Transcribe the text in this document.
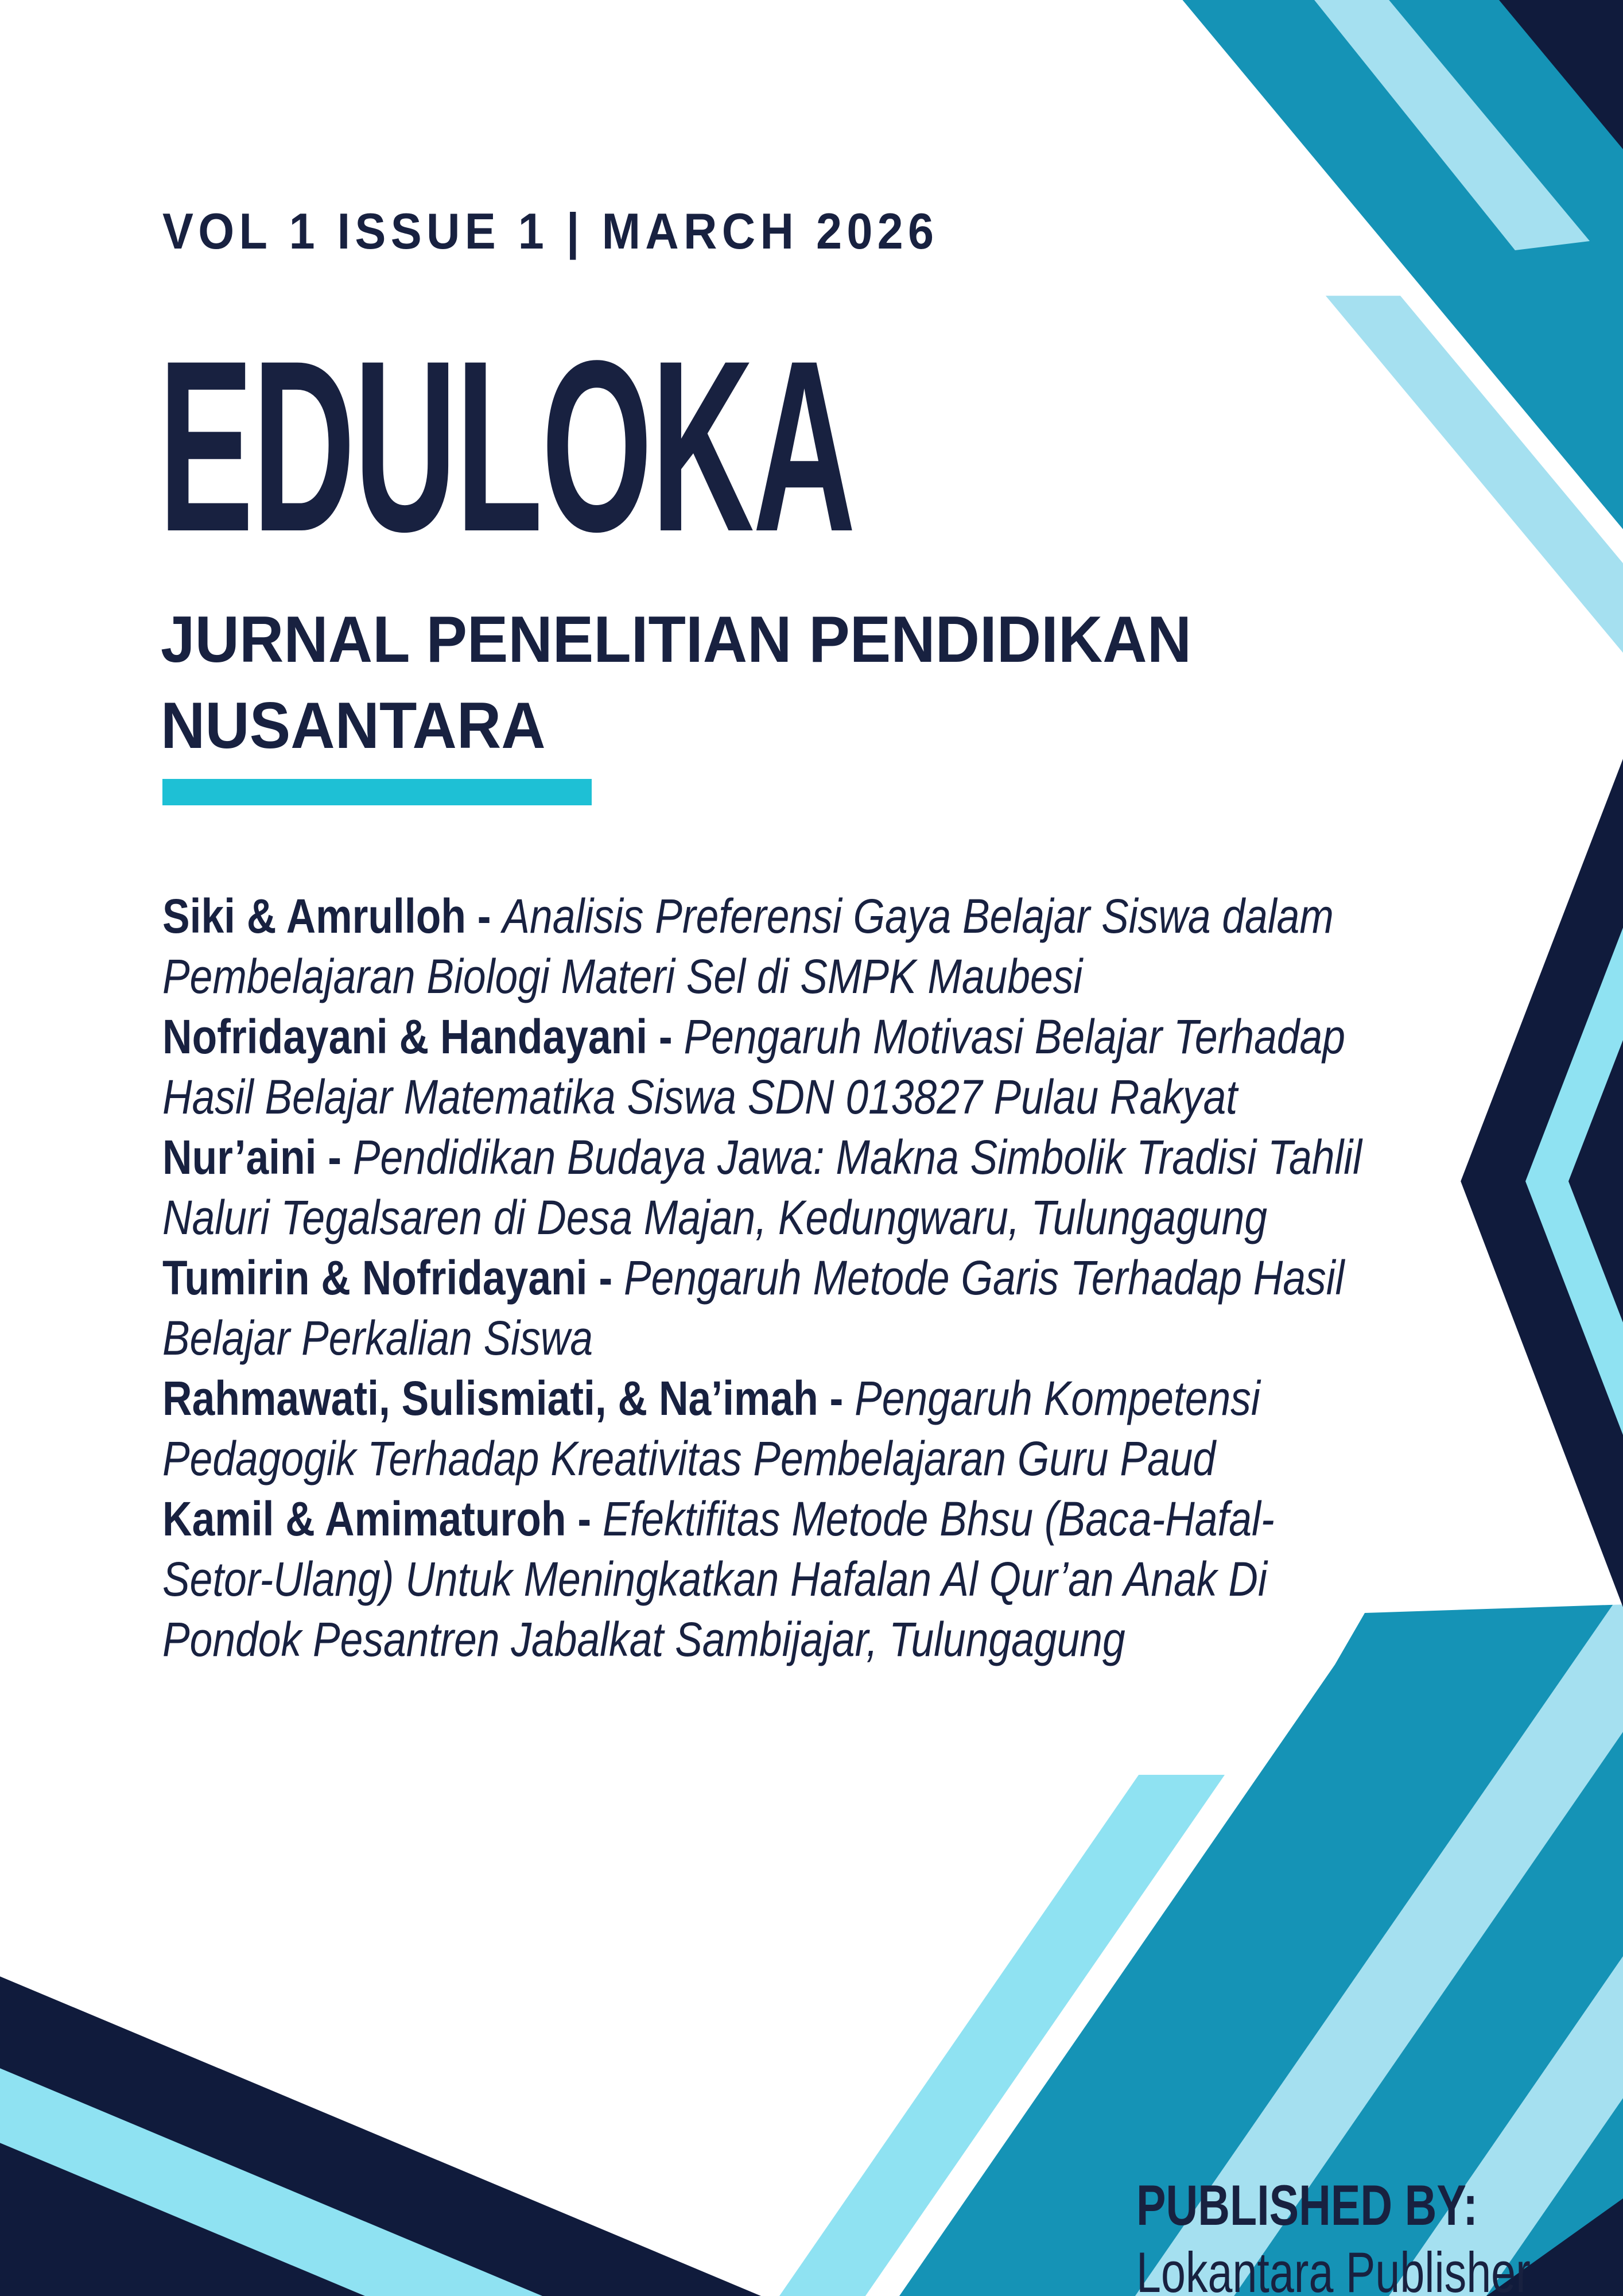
VOL 1 ISSUE 1 | MARCH 2026
EDULOKA
JURNAL PENELITIAN PENDIDIKAN
NUSANTARA
Siki & Amrulloh - Analisis Preferensi Gaya Belajar Siswa dalam
Pembelajaran Biologi Materi Sel di SMPK Maubesi
Nofridayani & Handayani - Pengaruh Motivasi Belajar Terhadap
Hasil Belajar Matematika Siswa SDN 013827 Pulau Rakyat
Nur’aini - Pendidikan Budaya Jawa: Makna Simbolik Tradisi Tahlil
Naluri Tegalsaren di Desa Majan, Kedungwaru, Tulungagung
Tumirin & Nofridayani - Pengaruh Metode Garis Terhadap Hasil
Belajar Perkalian Siswa
Rahmawati, Sulismiati, & Na’imah - Pengaruh Kompetensi
Pedagogik Terhadap Kreativitas Pembelajaran Guru Paud
Kamil & Amimaturoh - Efektifitas Metode Bhsu (Baca-Hafal-
Setor-Ulang) Untuk Meningkatkan Hafalan Al Qur’an Anak Di
Pondok Pesantren Jabalkat Sambijajar, Tulungagung
PUBLISHED BY:
Lokantara Publisher
